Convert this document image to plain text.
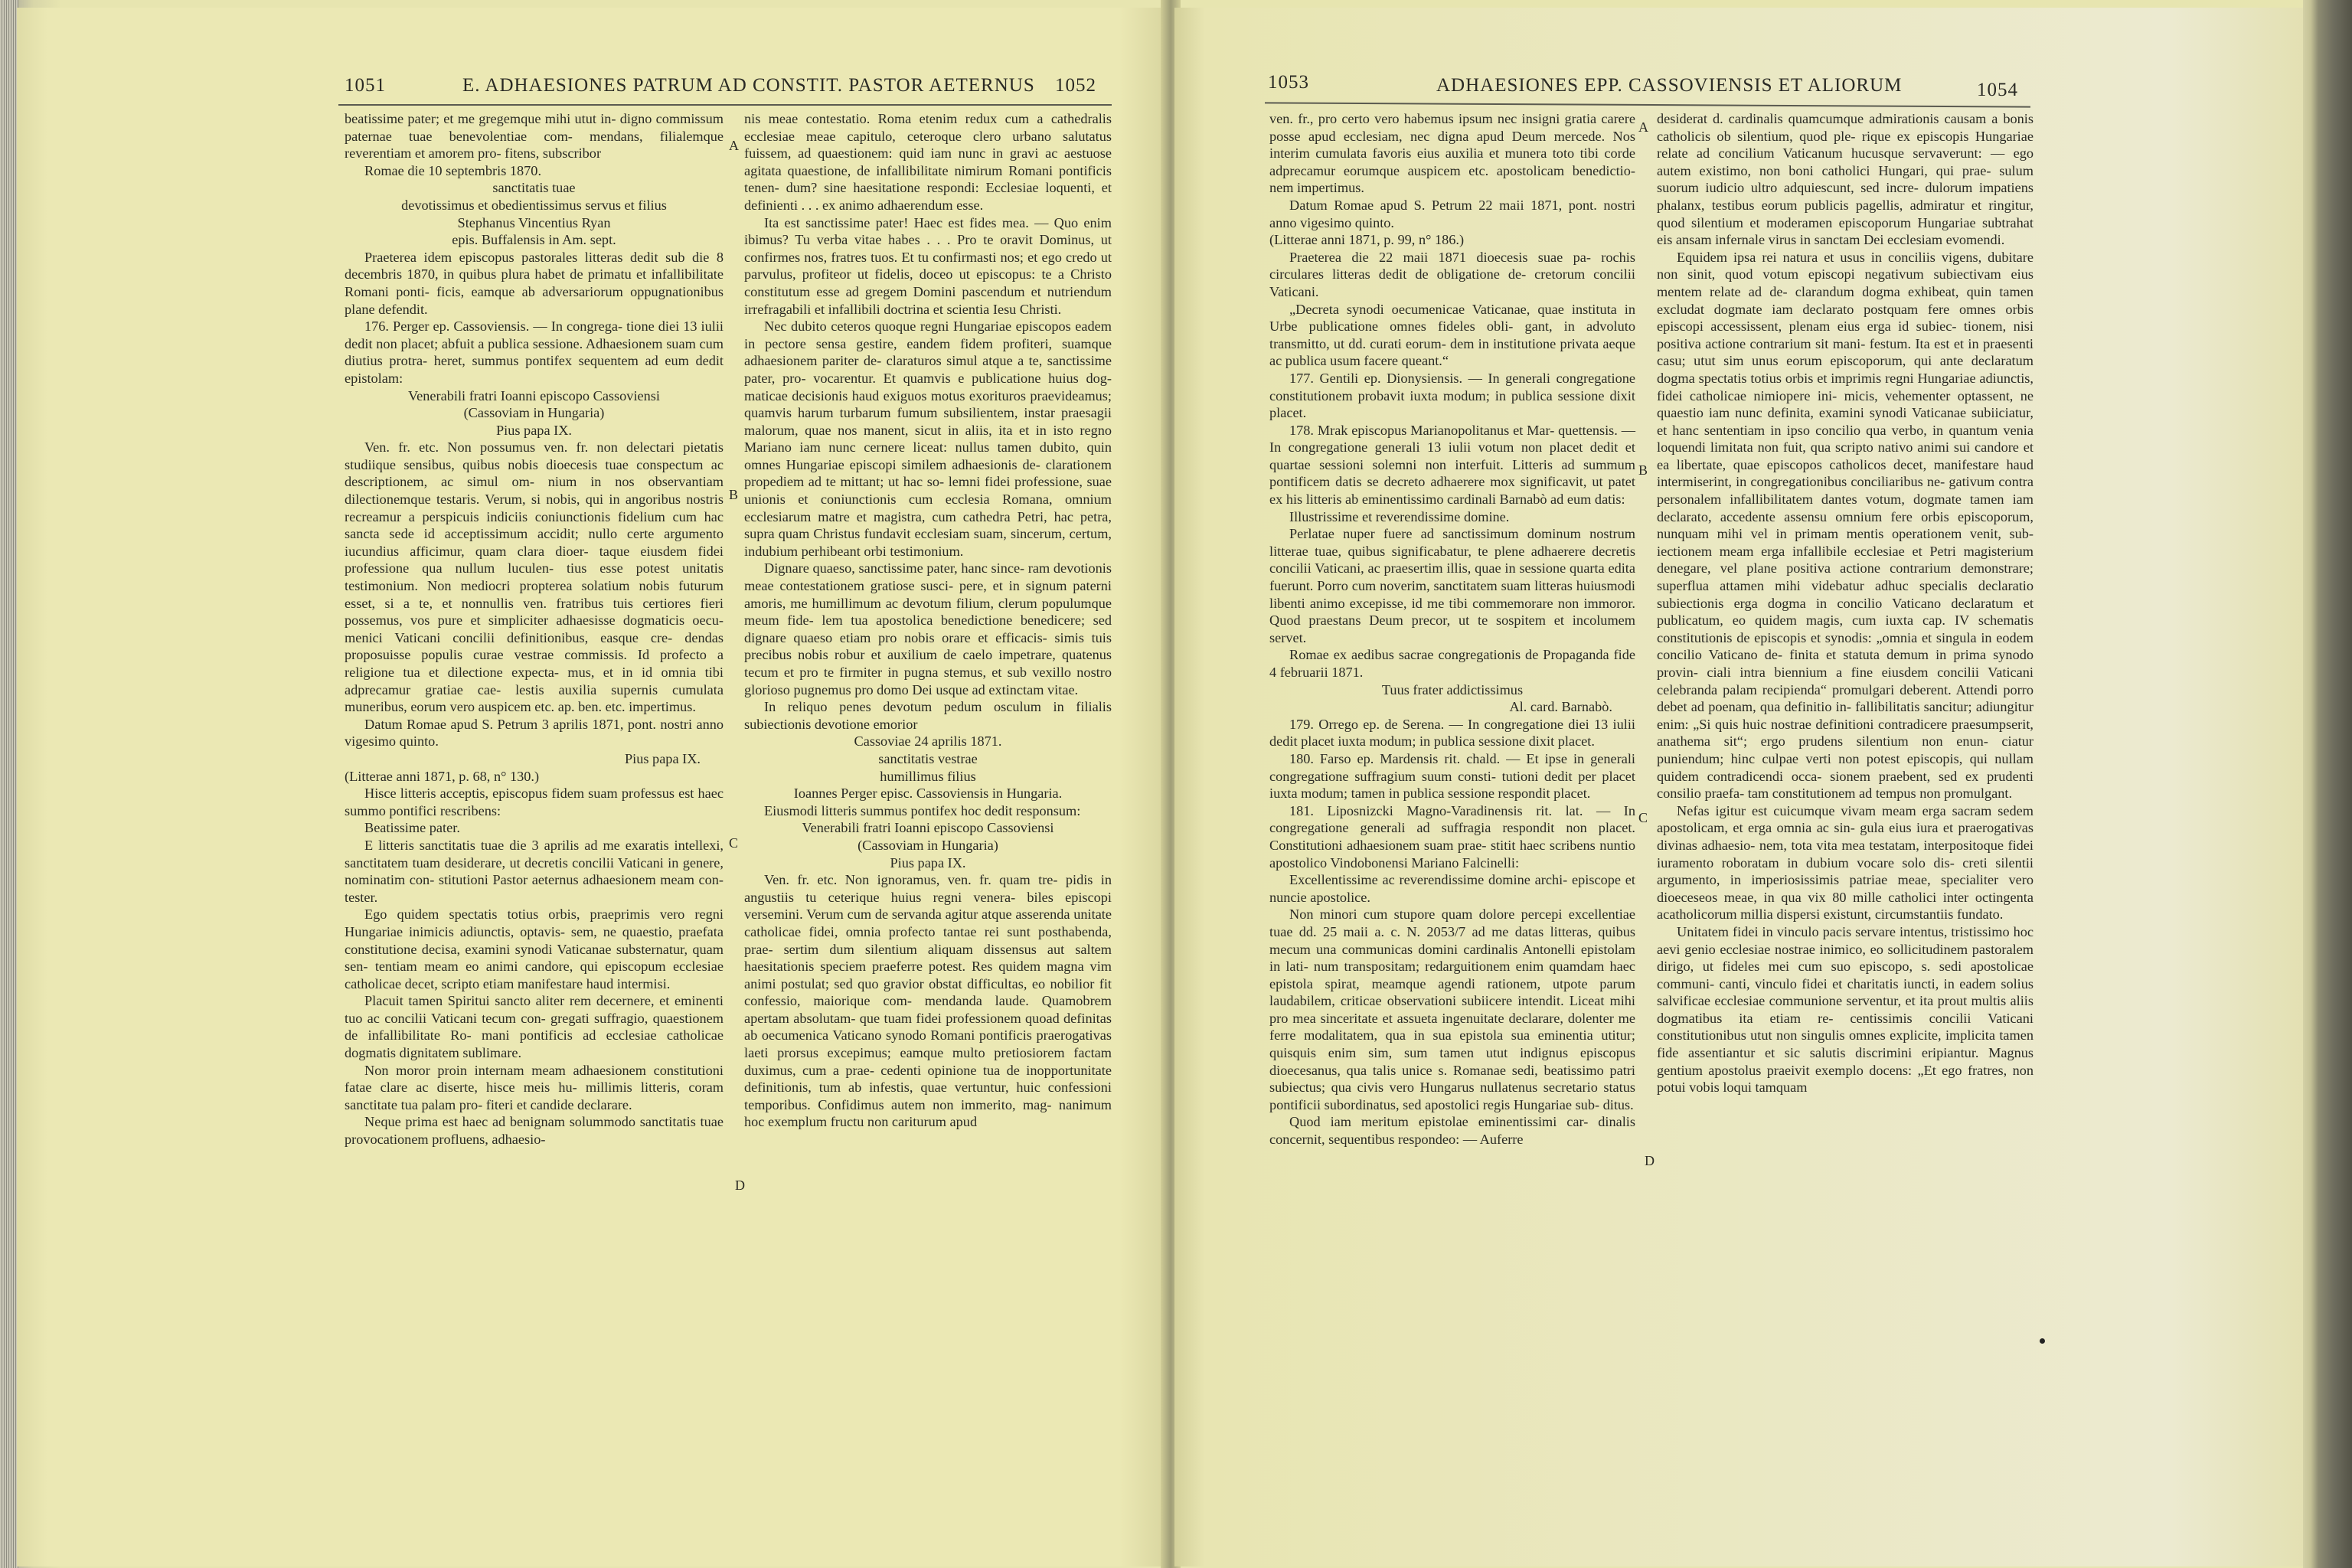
1051	E. ADHAESIONES PATRUM AD CONSTIT. PASTOR AETERNUS 1052

beatissime pater; et me gregemque mihi utut in- digno commissum paternae tuae benevolentiae com- mendans, filialemque reverentiam et amorem pro- fitens, subscribor

Romae die 10 septembris 1870.

sanctitatis tuae

devotissimus et obedientissimus servus et filius

Stephanus Vincentius Ryan

epis. Buffalensis in Am. sept.

Praeterea idem episcopus pastorales litteras dedit sub die 8 decembris 1870, in quibus plura habet de primatu et infallibilitate Romani ponti- ficis, eamque ab adversariorum oppugnationibus plane defendit.

176. Perger ep. Cassoviensis. — In congrega- tione diei 13 iulii dedit non placet; abfuit a publica sessione. Adhaesionem suam cum diutius protra- heret, summus pontifex sequentem ad eum dedit epistolam:

Venerabili fratri Ioanni episcopo Cassoviensi

(Cassoviam in Hungaria)

Pius papa IX.

Ven. fr. etc. Non possumus ven. fr. non delectari pietatis studiique sensibus, quibus nobis dioecesis tuae conspectum ac descriptionem, ac simul om- nium in nos observantiam dilectionemque testaris. Verum, si nobis, qui in angoribus nostris recreamur a perspicuis indiciis coniunctionis fidelium cum hac sancta sede id acceptissimum accidit; nullo certe argumento iucundius afficimur, quam clara dioer- taque eiusdem fidei professione qua nullum luculen- tius esse potest unitatis testimonium. Non mediocri propterea solatium nobis futurum esset, si a te, et nonnullis ven. fratribus tuis certiores fieri possemus, vos pure et simpliciter adhaesisse dogmaticis oecu- menici Vaticani concilii definitionibus, easque cre- dendas proposuisse populis curae vestrae commissis. Id profecto a religione tua et dilectione expecta- mus, et in id omnia tibi adprecamur gratiae cae- lestis auxilia supernis cumulata muneribus, eorum vero auspicem etc. ap. ben. etc. impertimus.

Datum Romae apud S. Petrum 3 aprilis 1871, pont. nostri anno vigesimo quinto.

Pius papa IX.

(Litterae anni 1871, p. 68, n° 130.)

Hisce litteris acceptis, episcopus fidem suam professus est haec summo pontifici rescribens:

Beatissime pater.

E litteris sanctitatis tuae die 3 aprilis ad me exaratis intellexi, sanctitatem tuam desiderare, ut decretis concilii Vaticani in genere, nominatim con- stitutioni Pastor aeternus adhaesionem meam con- tester.

Ego quidem spectatis totius orbis, praeprimis vero regni Hungariae inimicis adiunctis, optavis- sem, ne quaestio, praefata constitutione decisa, examini synodi Vaticanae substernatur, quam sen- tentiam meam eo animi candore, qui episcopum ecclesiae catholicae decet, scripto etiam manifestare haud intermisi.

Placuit tamen Spiritui sancto aliter rem decernere, et eminenti tuo ac concilii Vaticani tecum con- gregati suffragio, quaestionem de infallibilitate Ro- mani pontificis ad ecclesiae catholicae dogmatis dignitatem sublimare.

Non moror proin internam meam adhaesionem constitutioni fatae clare ac diserte, hisce meis hu- millimis litteris, coram sanctitate tua palam pro- fiteri et candide declarare.

Neque prima est haec ad benignam solummodo sanctitatis tuae provocationem profluens, adhaesio-

nis meae contestatio. Roma etenim redux cum a cathedralis ecclesiae meae capitulo, ceteroque clero urbano salutatus fuissem, ad quaestionem: quid iam nunc in gravi ac aestuose agitata quaestione, de infallibilitate nimirum Romani pontificis tenen- dum? sine haesitatione respondi: Ecclesiae loquenti, et definienti . . . ex animo adhaerendum esse.

Ita est sanctissime pater! Haec est fides mea. — Quo enim ibimus? Tu verba vitae habes . . . Pro te oravit Dominus, ut confirmes nos, fratres tuos. Et tu confirmasti nos; et ego credo ut parvulus, profiteor ut fidelis, doceo ut episcopus: te a Christo constitutum esse ad gregem Domini pascendum et nutriendum irrefragabili et infallibili doctrina et scientia Iesu Christi.

Nec dubito ceteros quoque regni Hungariae episcopos eadem in pectore sensa gestire, eandem fidem profiteri, suamque adhaesionem pariter de- claraturos simul atque a te, sanctissime pater, pro- vocarentur. Et quamvis e publicatione huius dog- maticae decisionis haud exiguos motus exorituros praevideamus; quamvis harum turbarum fumum subsilientem, instar praesagii malorum, quae nos manent, sicut in aliis, ita et in isto regno Mariano iam nunc cernere liceat: nullus tamen dubito, quin omnes Hungariae episcopi similem adhaesionis de- clarationem propediem ad te mittant; ut hac so- lemni fidei professione, suae unionis et coniunctionis cum ecclesia Romana, omnium ecclesiarum matre et magistra, cum cathedra Petri, hac petra, supra quam Christus fundavit ecclesiam suam, sincerum, certum, indubium perhibeant orbi testimonium.

Dignare quaeso, sanctissime pater, hanc since- ram devotionis meae contestationem gratiose susci- pere, et in signum paterni amoris, me humillimum ac devotum filium, clerum populumque meum fide- lem tua apostolica benedictione benedicere; sed dignare quaeso etiam pro nobis orare et efficacis- simis tuis precibus nobis robur et auxilium de caelo impetrare, quatenus tecum et pro te firmiter in pugna stemus, et sub vexillo nostro glorioso pugnemus pro domo Dei usque ad extinctam vitae.

In reliquo penes devotum pedum osculum in filialis subiectionis devotione emorior

Cassoviae 24 aprilis 1871.

sanctitatis vestrae

humillimus filius

Ioannes Perger episc. Cassoviensis in Hungaria.

Eiusmodi litteris summus pontifex hoc dedit responsum:

Venerabili fratri Ioanni episcopo Cassoviensi

(Cassoviam in Hungaria)

Pius papa IX.

Ven. fr. etc. Non ignoramus, ven. fr. quam tre- pidis in angustiis tu ceterique huius regni venera- biles episcopi versemini. Verum cum de servanda agitur atque asserenda unitate catholicae fidei, omnia profecto tantae rei sunt posthabenda, prae- sertim dum silentium aliquam dissensus aut saltem haesitationis speciem praeferre potest. Res quidem magna vim animi postulat; sed quo gravior obstat difficultas, eo nobilior fit confessio, maiorique com- mendanda laude. Quamobrem apertam absolutam- que tuam fidei professionem quoad definitas ab oecumenica Vaticano synodo Romani pontificis praerogativas laeti prorsus excepimus; eamque multo pretiosiorem factam duximus, cum a prae- cedenti opinione tua de inopportunitate definitionis, tum ab infestis, quae vertuntur, huic confessioni temporibus. Confidimus autem non immerito, mag- nanimum hoc exemplum fructu non cariturum apud

A
B
C
D
1053	ADHAESIONES EPP. CASSOVIENSIS ET ALIORUM	1054

ven. fr., pro certo vero habemus ipsum nec insigni gratia carere posse apud ecclesiam, nec digna apud Deum mercede. Nos interim cumulata favoris eius auxilia et munera toto tibi corde adprecamur eorumque auspicem etc. apostolicam benedictio- nem impertimus.

Datum Romae apud S. Petrum 22 maii 1871, pont. nostri anno vigesimo quinto.

(Litterae anni 1871, p. 99, n° 186.)

Praeterea die 22 maii 1871 dioecesis suae pa- rochis circulares litteras dedit de obligatione de- cretorum concilii Vaticani.

„Decreta synodi oecumenicae Vaticanae, quae instituta in Urbe publicatione omnes fideles obli- gant, in advoluto transmitto, ut dd. curati eorum- dem in institutione privata aeque ac publica usum facere queant.“

177. Gentili ep. Dionysiensis. — In generali congregatione constitutionem probavit iuxta modum; in publica sessione dixit placet.

178. Mrak episcopus Marianopolitanus et Mar- quettensis. — In congregatione generali 13 iulii votum non placet dedit et quartae sessioni solemni non interfuit. Litteris ad summum pontificem datis se decreto adhaerere mox significavit, ut patet ex his litteris ab eminentissimo cardinali Barnabò ad eum datis:

Illustrissime et reverendissime domine.

Perlatae nuper fuere ad sanctissimum dominum nostrum litterae tuae, quibus significabatur, te plene adhaerere decretis concilii Vaticani, ac praesertim illis, quae in sessione quarta edita fuerunt. Porro cum noverim, sanctitatem suam litteras huiusmodi libenti animo excepisse, id me tibi commemorare non immoror. Quod praestans Deum precor, ut te sospitem et incolumem servet.

Romae ex aedibus sacrae congregationis de Propaganda fide 4 februarii 1871.

Tuus frater addictissimus

Al. card. Barnabò.

179. Orrego ep. de Serena. — In congregatione diei 13 iulii dedit placet iuxta modum; in publica sessione dixit placet.

180. Farso ep. Mardensis rit. chald. — Et ipse in generali congregatione suffragium suum consti- tutioni dedit per placet iuxta modum; tamen in publica sessione respondit placet.

181. Liposnizcki Magno-Varadinensis rit. lat. — In congregatione generali ad suffragia respondit non placet. Constitutioni adhaesionem suam prae- stitit haec scribens nuntio apostolico Vindobonensi Mariano Falcinelli:

Excellentissime ac reverendissime domine archi- episcope et nuncie apostolice.

Non minori cum stupore quam dolore percepi excellentiae tuae dd. 25 maii a. c. N. 2053/7 ad me datas litteras, quibus mecum una communicas domini cardinalis Antonelli epistolam in lati- num transpositam; redarguitionem enim quamdam haec epistola spirat, meamque agendi rationem, utpote parum laudabilem, criticae observationi subiicere intendit. Liceat mihi pro mea sinceritate et assueta ingenuitate declarare, dolenter me ferre modalitatem, qua in sua epistola sua eminentia utitur; quisquis enim sim, sum tamen utut indignus episcopus dioecesanus, qua talis unice s. Romanae sedi, beatissimo patri subiectus; qua civis vero Hungarus nullatenus secretario status pontificii subordinatus, sed apostolici regis Hungariae sub- ditus.

Quod iam meritum epistolae eminentissimi car- dinalis concernit, sequentibus respondeo: — Auferre

desiderat d. cardinalis quamcumque admirationis causam a bonis catholicis ob silentium, quod ple- rique ex episcopis Hungariae relate ad concilium Vaticanum hucusque servaverunt: — ego autem existimo, non boni catholici Hungari, qui prae- sulum suorum iudicio ultro adquiescunt, sed incre- dulorum impatiens phalanx, testibus eorum publicis pagellis, admiratur et ringitur, quod silentium et moderamen episcoporum Hungariae subtrahat eis ansam infernale virus in sanctam Dei ecclesiam evomendi.

Equidem ipsa rei natura et usus in conciliis vigens, dubitare non sinit, quod votum episcopi negativum subiectivam eius mentem relate ad de- clarandum dogma exhibeat, quin tamen excludat dogmate iam declarato postquam fere omnes orbis episcopi accessissent, plenam eius erga id subiec- tionem, nisi positiva actione contrarium sit mani- festum. Ita est et in praesenti casu; utut sim unus eorum episcoporum, qui ante declaratum dogma spectatis totius orbis et imprimis regni Hungariae adiunctis, fidei catholicae nimiopere ini- micis, vehementer optassent, ne quaestio iam nunc definita, examini synodi Vaticanae subiiciatur, et hanc sententiam in ipso concilio qua verbo, in quantum venia loquendi limitata non fuit, qua scripto nativo animi sui candore et ea libertate, quae episcopos catholicos decet, manifestare haud intermiserint, in congregationibus conciliaribus ne- gativum contra personalem infallibilitatem dantes votum, dogmate tamen iam declarato, accedente assensu omnium fere orbis episcoporum, nunquam mihi vel in primam mentis operationem venit, sub- iectionem meam erga infallibile ecclesiae et Petri magisterium denegare, vel plane positiva actione contrarium demonstrare; superflua attamen mihi videbatur adhuc specialis declaratio subiectionis erga dogma in concilio Vaticano declaratum et publicatum, eo quidem magis, cum iuxta cap. IV schematis constitutionis de episcopis et synodis: „omnia et singula in eodem concilio Vaticano de- finita et statuta demum in prima synodo provin- ciali intra biennium a fine eiusdem concilii Vaticani celebranda palam recipienda“ promulgari deberent. Attendi porro debet ad poenam, qua definitio in- fallibilitatis sancitur; adiungitur enim: „Si quis huic nostrae definitioni contradicere praesumpserit, anathema sit“; ergo prudens silentium non enun- ciatur puniendum; hinc culpae verti non potest episcopis, qui nullam quidem contradicendi occa- sionem praebent, sed ex prudenti consilio praefa- tam constitutionem ad tempus non promulgant.

Nefas igitur est cuicumque vivam meam erga sacram sedem apostolicam, et erga omnia ac sin- gula eius iura et praerogativas divinas adhaesio- nem, tota vita mea testatam, interpositoque fidei iuramento roboratam in dubium vocare solo dis- creti silentii argumento, in imperiosissimis patriae meae, specialiter vero dioeceseos meae, in qua vix 80 mille catholici inter octingenta acatholicorum millia dispersi existunt, circumstantiis fundato.

Unitatem fidei in vinculo pacis servare intentus, tristissimo hoc aevi genio ecclesiae nostrae inimico, eo sollicitudinem pastoralem dirigo, ut fideles mei cum suo episcopo, s. sedi apostolicae communi- canti, vinculo fidei et charitatis iuncti, in eadem solius salvificae ecclesiae communione serventur, et ita prout multis aliis dogmatibus ita etiam re- centissimis concilii Vaticani constitutionibus utut non singulis omnes explicite, implicita tamen fide assentiantur et sic salutis discrimini eripiantur. Magnus gentium apostolus praeivit exemplo docens: „Et ego fratres, non potui vobis loqui tamquam

A
B
C
D
